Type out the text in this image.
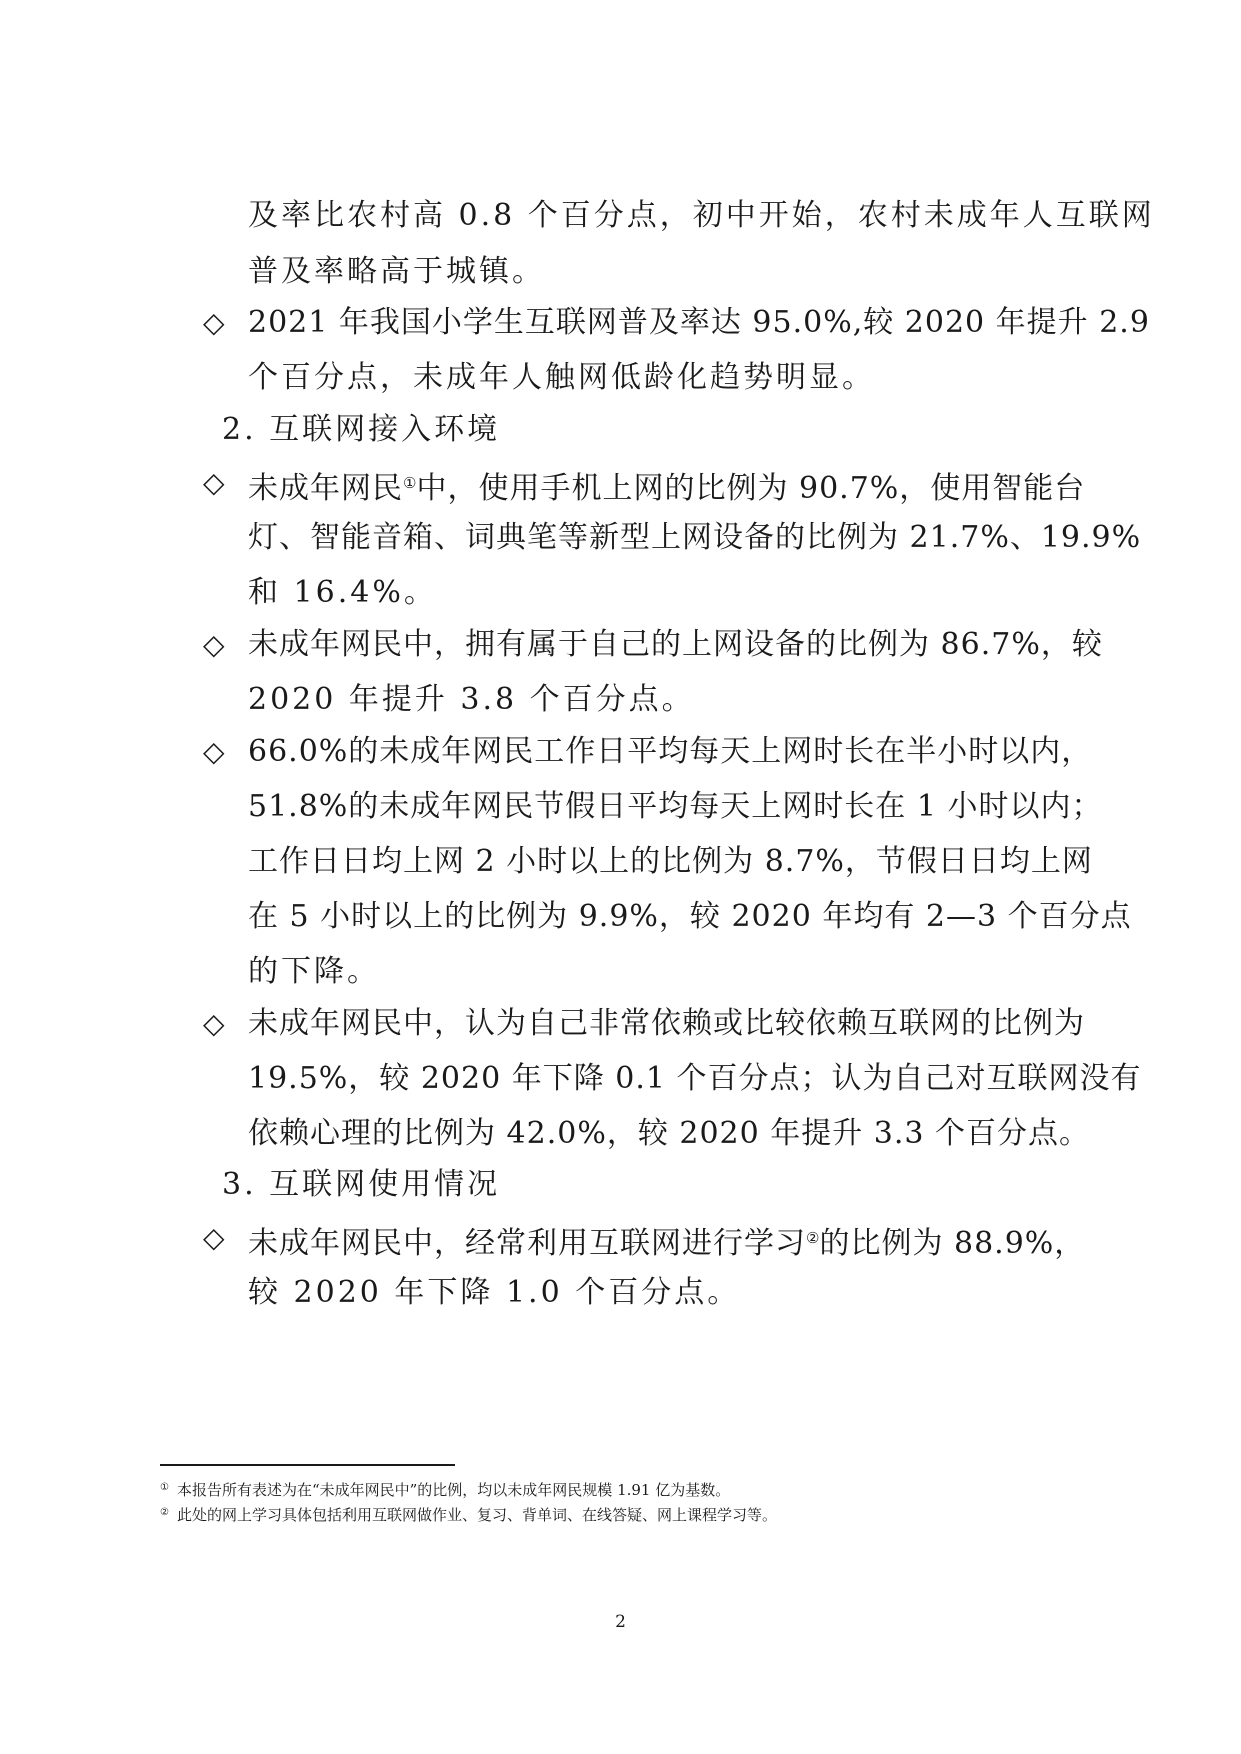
及率比农村高 0.8 个百分点，初中开始，农村未成年人互联网
普及率略高于城镇。
◇ 2021 年我国小学生互联网普及率达 95.0%,较 2020 年提升 2.9
个百分点，未成年人触网低龄化趋势明显。
2. 互联网接入环境
◇ 未成年网民①中，使用手机上网的比例为 90.7%，使用智能台
灯、智能音箱、词典笔等新型上网设备的比例为 21.7%、19.9%
和 16.4%。
◇ 未成年网民中，拥有属于自己的上网设备的比例为 86.7%，较
2020 年提升 3.8 个百分点。
◇ 66.0%的未成年网民工作日平均每天上网时长在半小时以内，
51.8%的未成年网民节假日平均每天上网时长在 1 小时以内；
工作日日均上网 2 小时以上的比例为 8.7%，节假日日均上网
在 5 小时以上的比例为 9.9%，较 2020 年均有 2—3 个百分点
的下降。
◇ 未成年网民中，认为自己非常依赖或比较依赖互联网的比例为
19.5%，较 2020 年下降 0.1 个百分点；认为自己对互联网没有
依赖心理的比例为 42.0%，较 2020 年提升 3.3 个百分点。
3. 互联网使用情况
◇ 未成年网民中，经常利用互联网进行学习②的比例为 88.9%，
较 2020 年下降 1.0 个百分点。
① 本报告所有表述为在“未成年网民中”的比例，均以未成年网民规模 1.91 亿为基数。
② 此处的网上学习具体包括利用互联网做作业、复习、背单词、在线答疑、网上课程学习等。
2
